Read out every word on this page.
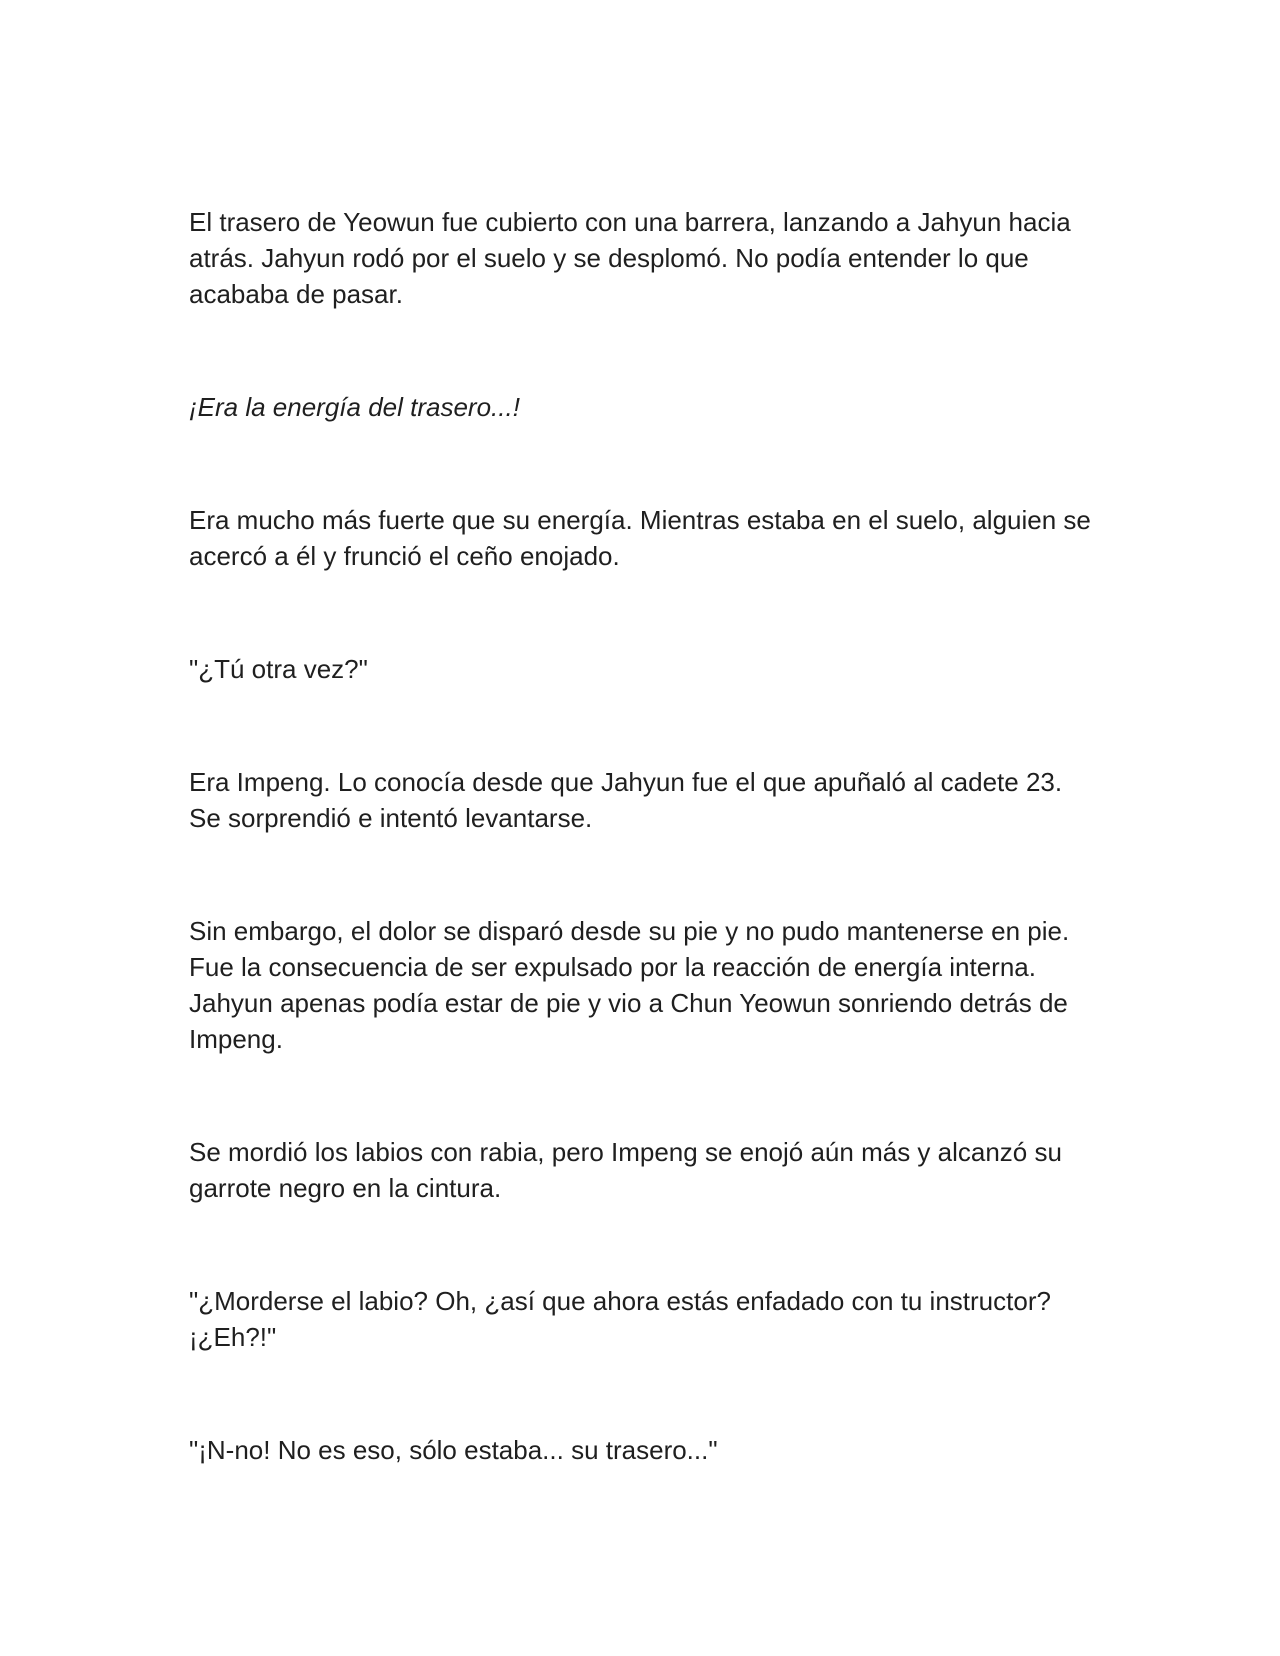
El trasero de Yeowun fue cubierto con una barrera, lanzando a Jahyun hacia atrás. Jahyun rodó por el suelo y se desplomó. No podía entender lo que acababa de pasar.

¡Era la energía del trasero...!

Era mucho más fuerte que su energía. Mientras estaba en el suelo, alguien se acercó a él y frunció el ceño enojado.

"¿Tú otra vez?"

Era Impeng. Lo conocía desde que Jahyun fue el que apuñaló al cadete 23. Se sorprendió e intentó levantarse.

Sin embargo, el dolor se disparó desde su pie y no pudo mantenerse en pie. Fue la consecuencia de ser expulsado por la reacción de energía interna. Jahyun apenas podía estar de pie y vio a Chun Yeowun sonriendo detrás de Impeng.

Se mordió los labios con rabia, pero Impeng se enojó aún más y alcanzó su garrote negro en la cintura.

"¿Morderse el labio? Oh, ¿así que ahora estás enfadado con tu instructor? ¡¿Eh?!"

"¡N-no! No es eso, sólo estaba... su trasero..."
